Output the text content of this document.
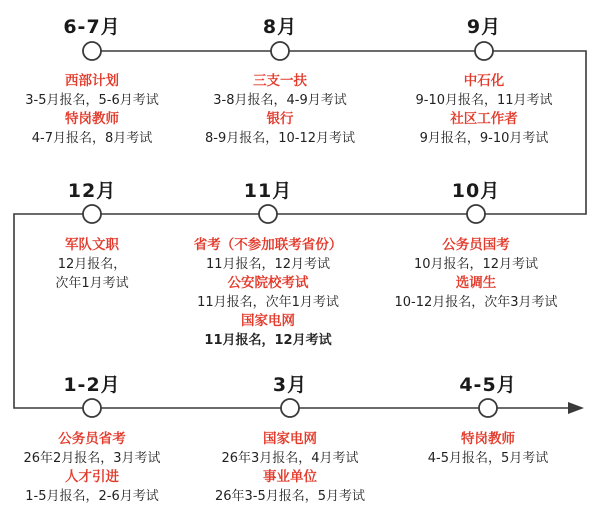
6-7月
西部计划
3-5月报名，5-6月考试
特岗教师
4-7月报名，8月考试
8月
三支一扶
3-8月报名，4-9月考试
银行
8-9月报名，10-12月考试
9月
中石化
9-10月报名，11月考试
社区工作者
9月报名，9-10月考试
12月
军队文职
12月报名，
次年1月考试
11月
省考（不参加联考省份）
11月报名，12月考试
公安院校考试
11月报名，次年1月考试
国家电网
11月报名，12月考试
10月
公务员国考
10月报名，12月考试
选调生
10-12月报名，次年3月考试
1-2月
公务员省考
26年2月报名，3月考试
人才引进
1-5月报名，2-6月考试
3月
国家电网
26年3月报名，4月考试
事业单位
26年3-5月报名，5月考试
4-5月
特岗教师
4-5月报名，5月考试
